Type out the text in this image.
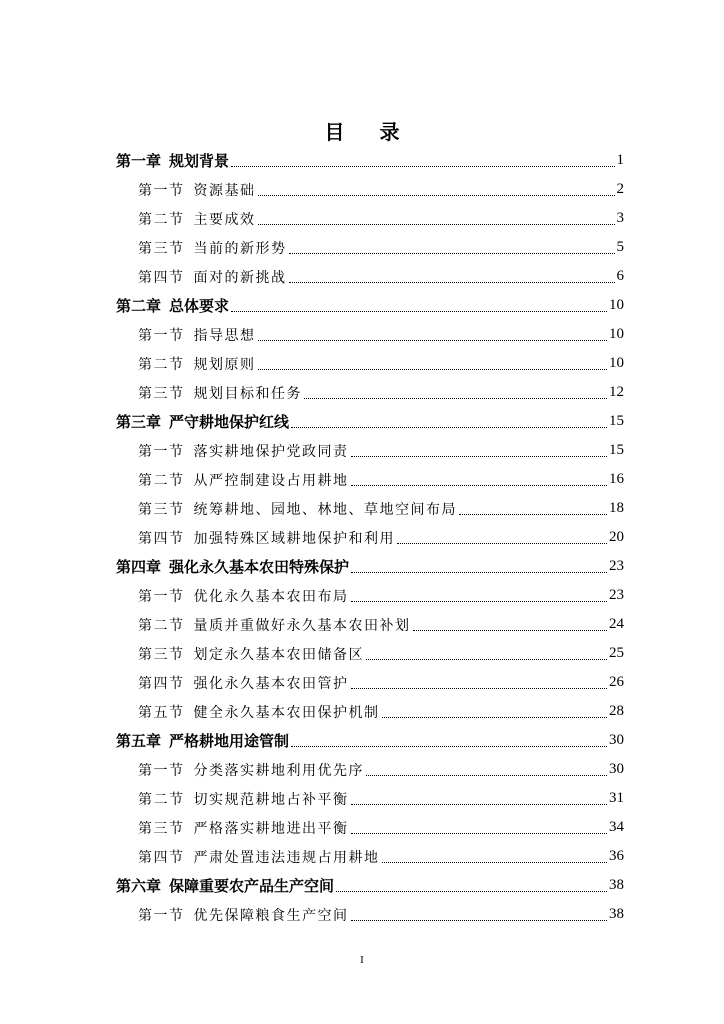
目 录
第一章 规划背景	1
第一节 资源基础	2
第二节 主要成效	3
第三节 当前的新形势	5
第四节 面对的新挑战	6
第二章 总体要求	10
第一节 指导思想	10
第二节 规划原则	10
第三节 规划目标和任务	12
第三章 严守耕地保护红线	15
第一节 落实耕地保护党政同责	15
第二节 从严控制建设占用耕地	16
第三节 统筹耕地、园地、林地、草地空间布局	18
第四节 加强特殊区域耕地保护和利用	20
第四章 强化永久基本农田特殊保护	23
第一节 优化永久基本农田布局	23
第二节 量质并重做好永久基本农田补划	24
第三节 划定永久基本农田储备区	25
第四节 强化永久基本农田管护	26
第五节 健全永久基本农田保护机制	28
第五章 严格耕地用途管制	30
第一节 分类落实耕地利用优先序	30
第二节 切实规范耕地占补平衡	31
第三节 严格落实耕地进出平衡	34
第四节 严肃处置违法违规占用耕地	36
第六章 保障重要农产品生产空间	38
第一节 优先保障粮食生产空间	38
I
